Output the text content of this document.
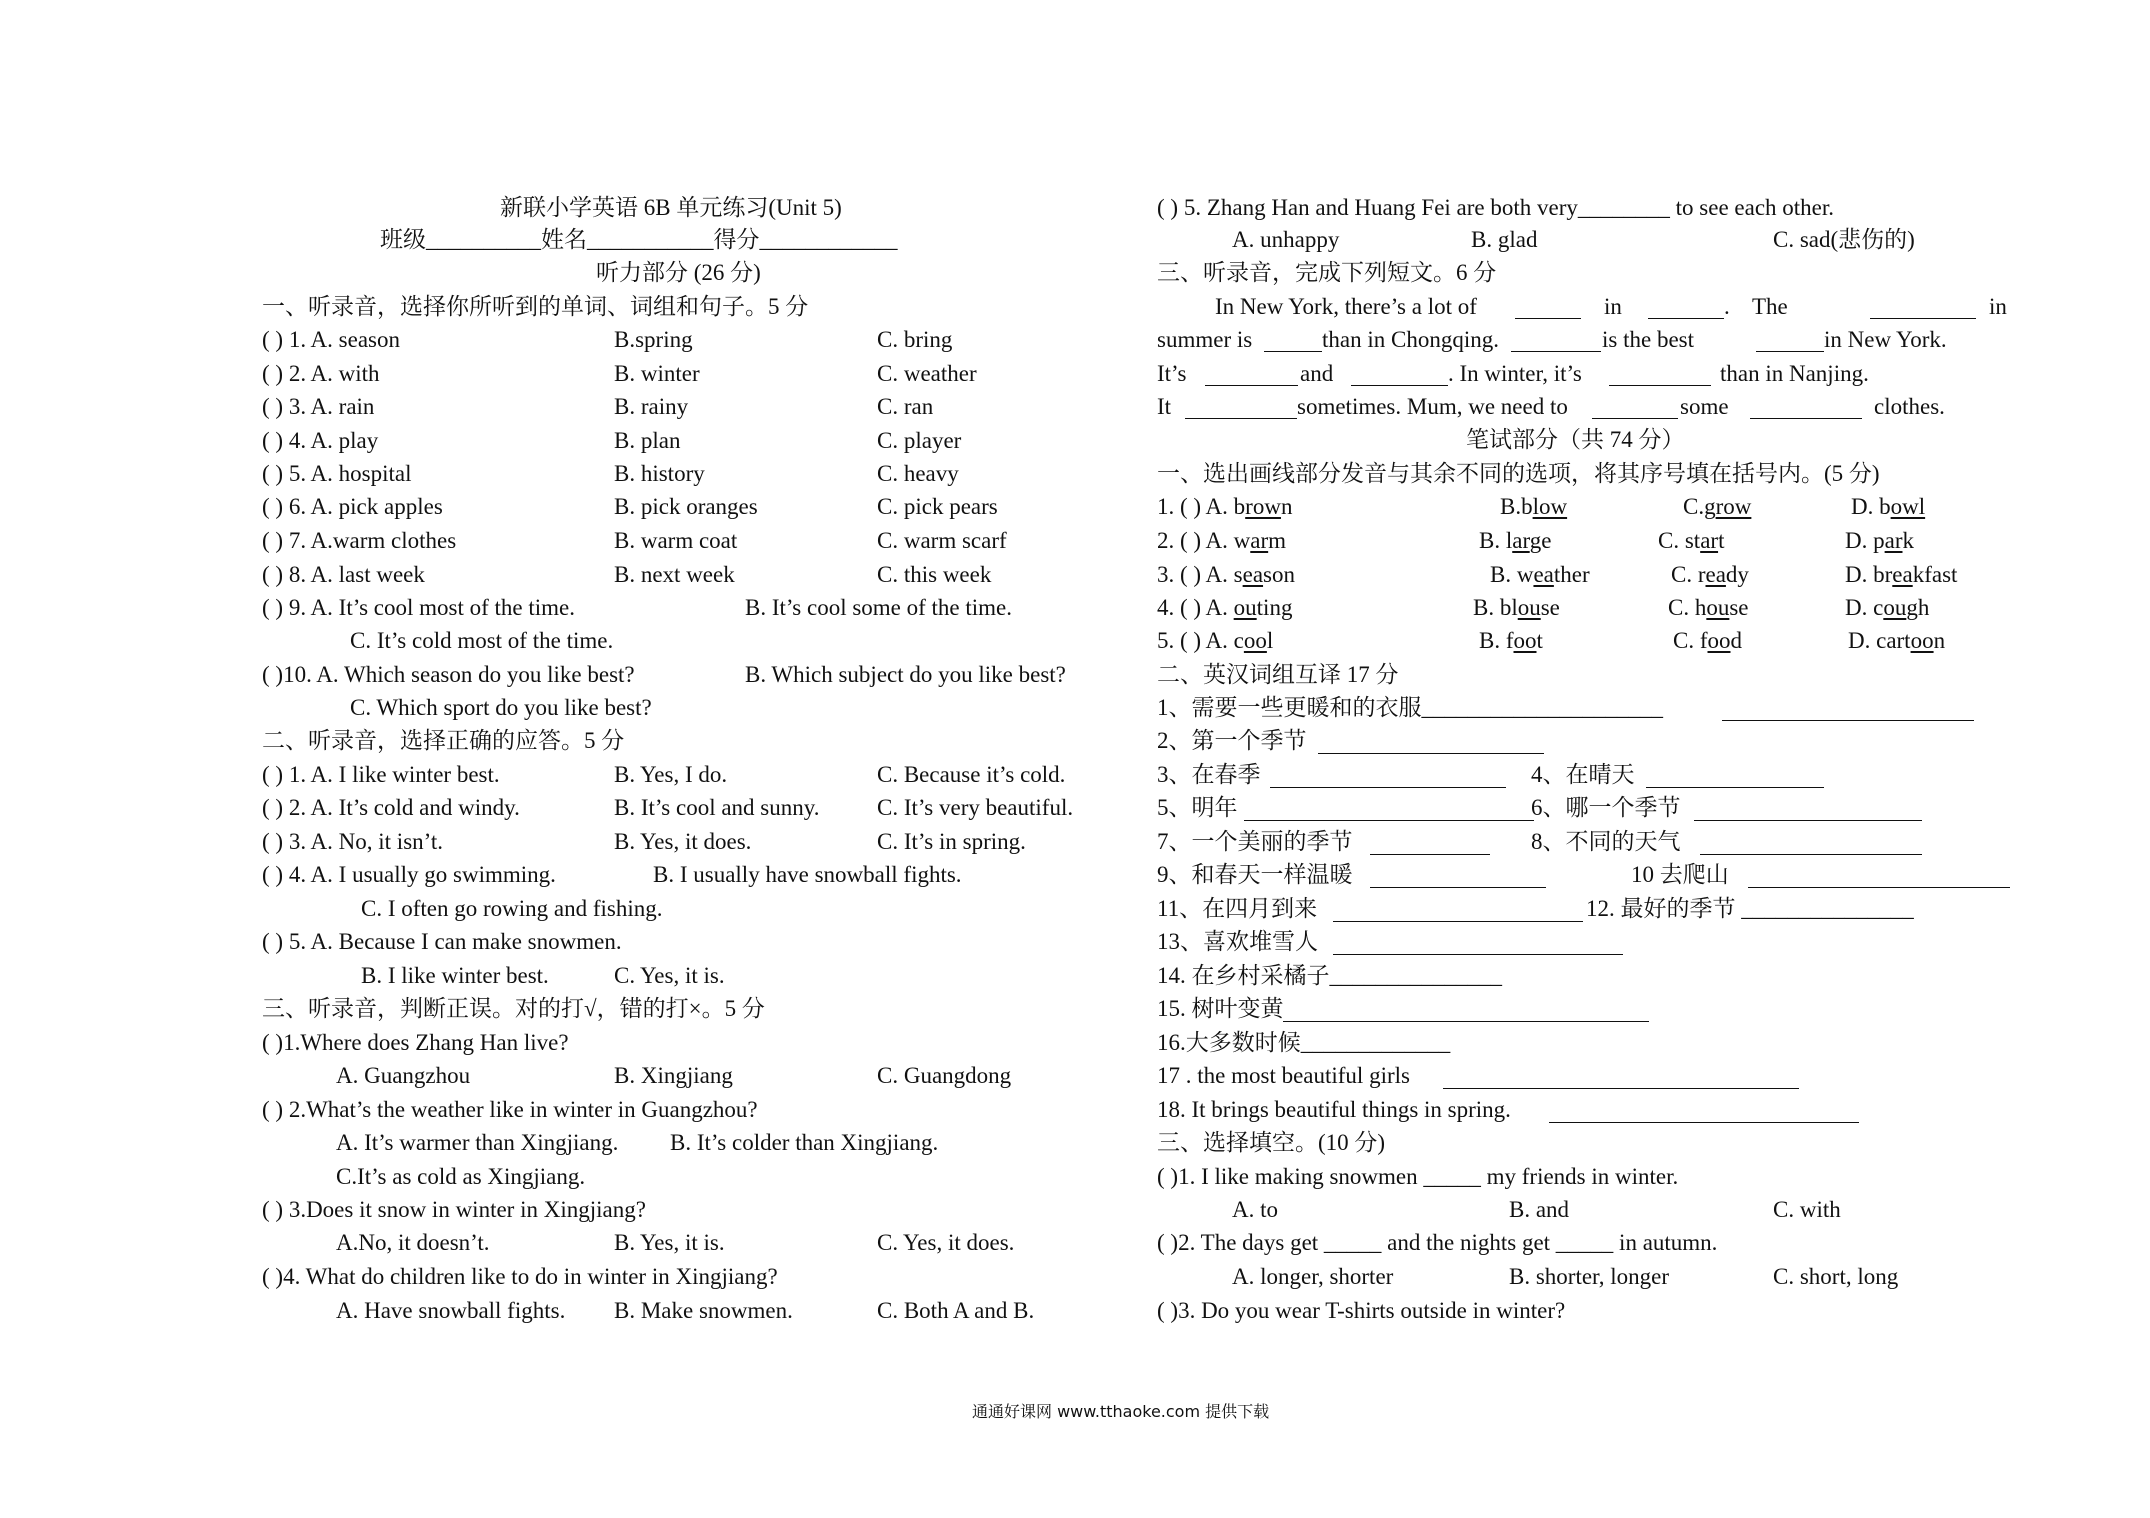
新联小学英语 6B 单元练习(Unit 5)
班级__________姓名___________得分____________
听力部分 (26 分)
一、听录音，选择你所听到的单词、词组和句子。5 分
( ) 1. A. season	B.spring	C. bring
( ) 2. A. with	B. winter	C. weather
( ) 3. A. rain	B. rainy	C. ran
( ) 4. A. play	B. plan	C. player
( ) 5. A. hospital	B. history	C. heavy
( ) 6. A. pick apples	B. pick oranges	C. pick pears
( ) 7. A.warm clothes	B. warm coat	C. warm scarf
( ) 8. A. last week	B. next week	C. this week
( ) 9. A. It’s cool most of the time.	B. It’s cool some of the time.
C. It’s cold most of the time.
( )10. A. Which season do you like best?	B. Which subject do you like best?
C. Which sport do you like best?
二、听录音，选择正确的应答。5 分
( ) 1. A. I like winter best.	B. Yes, I do.	C. Because it’s cold.
( ) 2. A. It’s cold and windy.	B. It’s cool and sunny.	C. It’s very beautiful.
( ) 3. A. No, it isn’t.	B. Yes, it does.	C. It’s in spring.
( ) 4. A. I usually go swimming.	B. I usually have snowball fights.
C. I often go rowing and fishing.
( ) 5. A. Because I can make snowmen.
B. I like winter best.	C. Yes, it is.
三、听录音，判断正误。对的打√，错的打×。5 分
( )1.Where does Zhang Han live?
A. Guangzhou	B. Xingjiang	C. Guangdong
( ) 2.What’s the weather like in winter in Guangzhou?
A. It’s warmer than Xingjiang. B. It’s colder than Xingjiang.
C.It’s as cold as Xingjiang.
( ) 3.Does it snow in winter in Xingjiang?
A.No, it doesn’t.	B. Yes, it is.	C. Yes, it does.
( )4. What do children like to do in winter in Xingjiang?
A. Have snowball fights. B. Make snowmen.	C. Both A and B.
( ) 5. Zhang Han and Huang Fei are both very________ to see each other.
A. unhappy	B. glad	C. sad(悲伤的)
三、听录音，完成下列短文。6 分
In New York, there’s a lot of	in	. The	in
summer is	than in Chongqing.	is the best	in New York.
It’s	and	. In winter, it’s	than in Nanjing.
It	sometimes. Mum, we need to	some	clothes.
笔试部分（共 74 分）
一、选出画线部分发音与其余不同的选项，将其序号填在括号内。(5 分)
1. ( ) A. brown	B.blow	C.grow	D. bowl
2. ( ) A. warm	B. large	C. start	D. park
3. ( ) A. season	B. weather	C. ready	D. breakfast
4. ( ) A. outing	B. blouse	C. house	D. cough
5. ( ) A. cool	B. foot	C. food	D. cartoon
二、英汉词组互译 17 分
1、需要一些更暖和的衣服_____________________
2、第一个季节
3、在春季	4、在晴天
5、明年	6、哪一个季节
7、一个美丽的季节	8、不同的天气
9、和春天一样温暖	10 去爬山
11、在四月到来	12. 最好的季节 _______________
13、喜欢堆雪人
14. 在乡村采橘子_______________
15. 树叶变黄
16.大多数时候_____________
17 . the most beautiful girls
18. It brings beautiful things in spring.
三、选择填空。(10 分)
( )1. I like making snowmen _____ my friends in winter.
A. to	B. and	C. with
( )2. The days get _____ and the nights get _____ in autumn.
A. longer, shorter	B. shorter, longer	C. short, long
( )3. Do you wear T-shirts outside in winter?
通通好课网 www.tthaoke.com 提供下载
